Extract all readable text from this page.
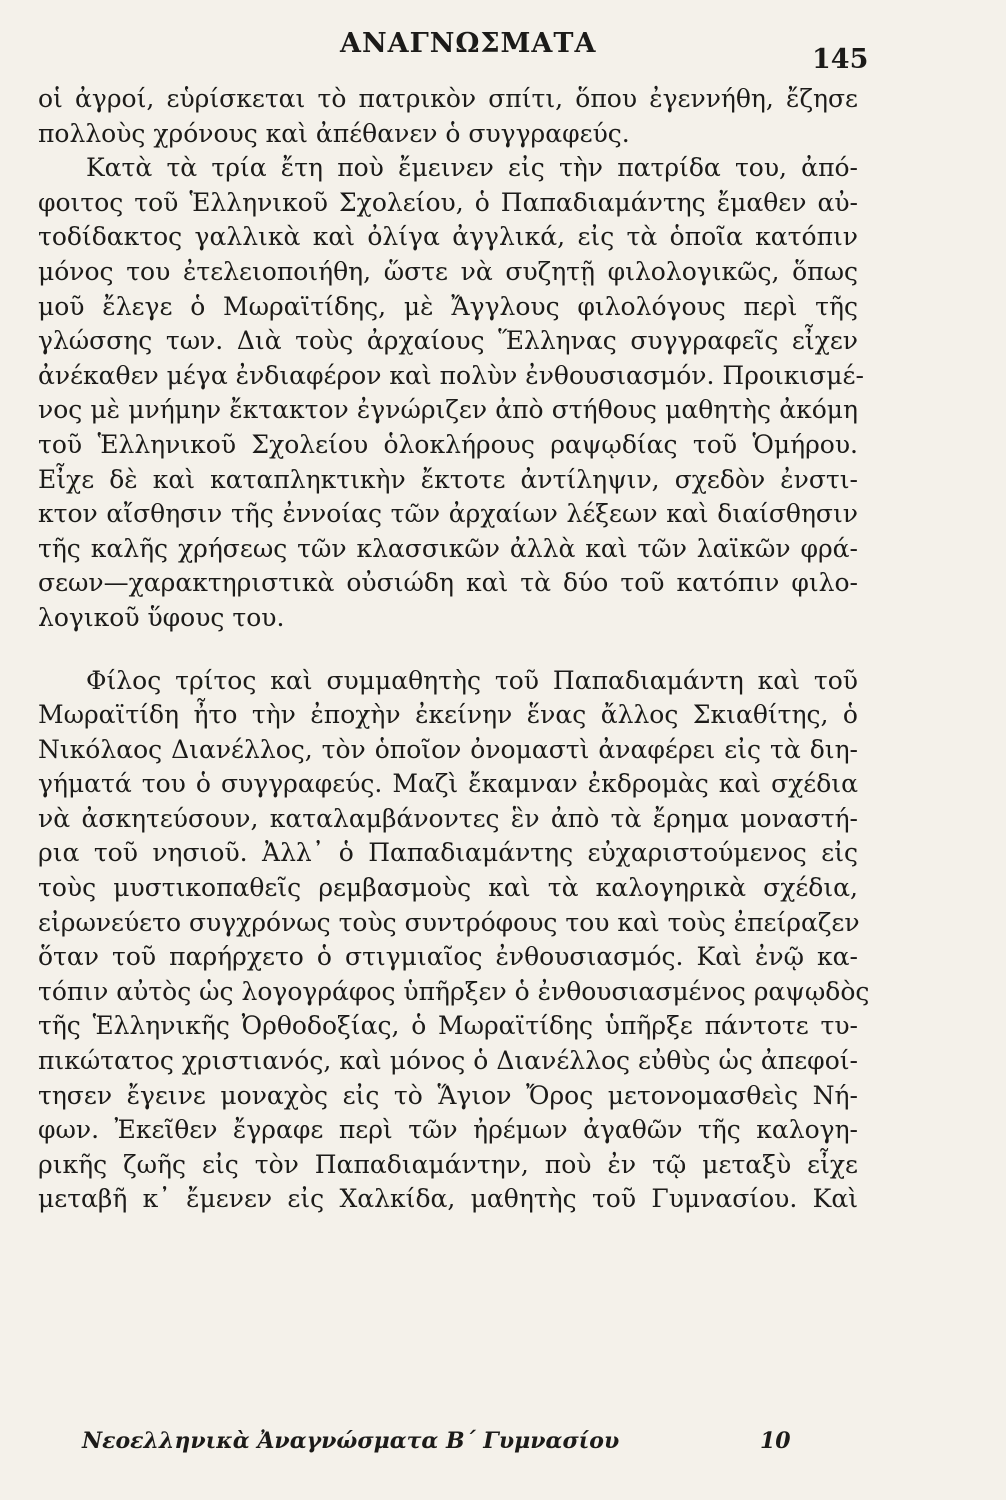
ΑΝΑΓΝΩΣΜΑΤΑ
145
οἱ ἀγροί, εὑρίσκεται τὸ πατρικὸν σπίτι, ὅπου ἐγεννήθη, ἔζησε
πολλοὺς χρόνους καὶ ἀπέθανεν ὁ συγγραφεύς.
Κατὰ τὰ τρία ἔτη ποὺ ἔμεινεν εἰς τὴν πατρίδα του, ἀπό-
φοιτος τοῦ Ἑλληνικοῦ Σχολείου, ὁ Παπαδιαμάντης ἔμαθεν αὐ-
τοδίδακτος γαλλικὰ καὶ ὀλίγα ἀγγλικά, εἰς τὰ ὁποῖα κατόπιν
μόνος του ἐτελειοποιήθη, ὥστε νὰ συζητῇ φιλολογικῶς, ὅπως
μοῦ ἔλεγε ὁ Μωραϊτίδης, μὲ Ἄγγλους φιλολόγους περὶ τῆς
γλώσσης των. Διὰ τοὺς ἀρχαίους Ἕλληνας συγγραφεῖς εἶχεν
ἀνέκαθεν μέγα ἐνδιαφέρον καὶ πολὺν ἐνθουσιασμόν. Προικισμέ-
νος μὲ μνήμην ἔκτακτον ἐγνώριζεν ἀπὸ στήθους μαθητὴς ἀκόμη
τοῦ Ἑλληνικοῦ Σχολείου ὁλοκλήρους ραψῳδίας τοῦ Ὁμήρου.
Εἶχε δὲ καὶ καταπληκτικὴν ἔκτοτε ἀντίληψιν, σχεδὸν ἐνστι-
κτον αἴσθησιν τῆς ἐννοίας τῶν ἀρχαίων λέξεων καὶ διαίσθησιν
τῆς καλῆς χρήσεως τῶν κλασσικῶν ἀλλὰ καὶ τῶν λαϊκῶν φρά-
σεων—χαρακτηριστικὰ οὐσιώδη καὶ τὰ δύο τοῦ κατόπιν φιλο-
λογικοῦ ὕφους του.
Φίλος τρίτος καὶ συμμαθητὴς τοῦ Παπαδιαμάντη καὶ τοῦ
Μωραϊτίδη ἦτο τὴν ἐποχὴν ἐκείνην ἕνας ἄλλος Σκιαθίτης, ὁ
Νικόλαος Διανέλλος, τὸν ὁποῖον ὀνομαστὶ ἀναφέρει εἰς τὰ διη-
γήματά του ὁ συγγραφεύς. Μαζὶ ἔκαμναν ἐκδρομὰς καὶ σχέδια
νὰ ἀσκητεύσουν, καταλαμβάνοντες ἓν ἀπὸ τὰ ἔρημα μοναστή-
ρια τοῦ νησιοῦ. Ἀλλ᾽ ὁ Παπαδιαμάντης εὐχαριστούμενος εἰς
τοὺς μυστικοπαθεῖς ρεμβασμοὺς καὶ τὰ καλογηρικὰ σχέδια,
εἰρωνεύετο συγχρόνως τοὺς συντρόφους του καὶ τοὺς ἐπείραζεν
ὅταν τοῦ παρήρχετο ὁ στιγμιαῖος ἐνθουσιασμός. Καὶ ἐνῷ κα-
τόπιν αὐτὸς ὡς λογογράφος ὑπῆρξεν ὁ ἐνθουσιασμένος ραψῳδὸς
τῆς Ἑλληνικῆς Ὀρθοδοξίας, ὁ Μωραϊτίδης ὑπῆρξε πάντοτε τυ-
πικώτατος χριστιανός, καὶ μόνος ὁ Διανέλλος εὐθὺς ὡς ἀπεφοί-
τησεν ἔγεινε μοναχὸς εἰς τὸ Ἅγιον Ὄρος μετονομασθεὶς Νή-
φων. Ἐκεῖθεν ἔγραφε περὶ τῶν ἠρέμων ἀγαθῶν τῆς καλογη-
ρικῆς ζωῆς εἰς τὸν Παπαδιαμάντην, ποὺ ἐν τῷ μεταξὺ εἶχε
μεταβῆ κ᾽ ἔμενεν εἰς Χαλκίδα, μαθητὴς τοῦ Γυμνασίου. Καὶ
Νεοελληνικὰ Ἀναγνώσματα Β΄ Γυμνασίου	10
